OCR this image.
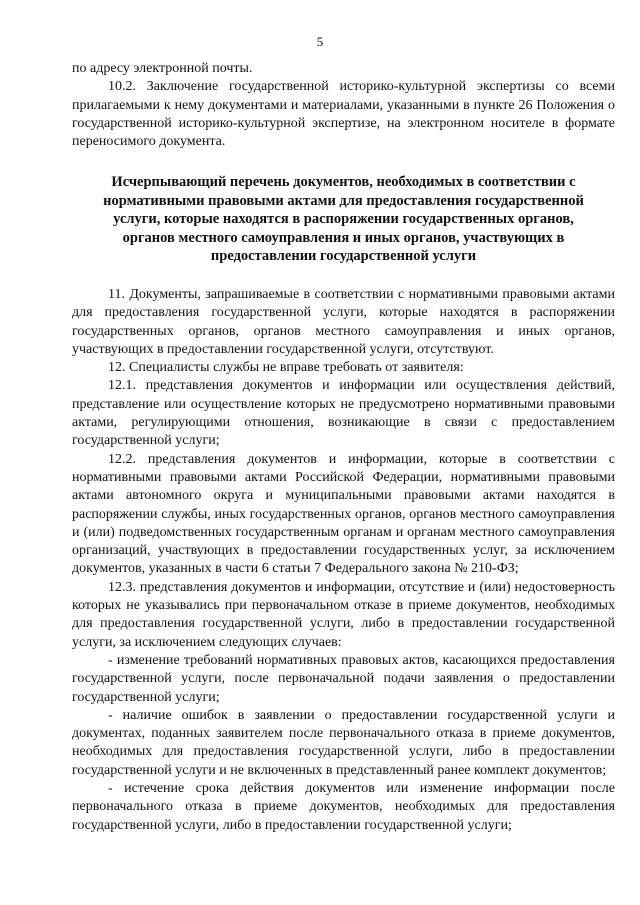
5

по адресу электронной почты.

10.2. Заключение государственной историко-культурной экспертизы со всеми прилагаемыми к нему документами и материалами, указанными в пункте 26 Положения о государственной историко-культурной экспертизе, на электронном носителе в формате переносимого документа.

Исчерпывающий перечень документов, необходимых в соответствии с нормативными правовыми актами для предоставления государственной услуги, которые находятся в распоряжении государственных органов, органов местного самоуправления и иных органов, участвующих в предоставлении государственной услуги

11. Документы, запрашиваемые в соответствии с нормативными правовыми актами для предоставления государственной услуги, которые находятся в распоряжении государственных органов, органов местного самоуправления и иных органов, участвующих в предоставлении государственной услуги, отсутствуют.

12. Специалисты службы не вправе требовать от заявителя:

12.1. представления документов и информации или осуществления действий, представление или осуществление которых не предусмотрено нормативными правовыми актами, регулирующими отношения, возникающие в связи с предоставлением государственной услуги;

12.2. представления документов и информации, которые в соответствии с нормативными правовыми актами Российской Федерации, нормативными правовыми актами автономного округа и муниципальными правовыми актами находятся в распоряжении службы, иных государственных органов, органов местного самоуправления и (или) подведомственных государственным органам и органам местного самоуправления организаций, участвующих в предоставлении государственных услуг, за исключением документов, указанных в части 6 статьи 7 Федерального закона № 210-ФЗ;

12.3. представления документов и информации, отсутствие и (или) недостоверность которых не указывались при первоначальном отказе в приеме документов, необходимых для предоставления государственной услуги, либо в предоставлении государственной услуги, за исключением следующих случаев:

- изменение требований нормативных правовых актов, касающихся предоставления государственной услуги, после первоначальной подачи заявления о предоставлении государственной услуги;

- наличие ошибок в заявлении о предоставлении государственной услуги и документах, поданных заявителем после первоначального отказа в приеме документов, необходимых для предоставления государственной услуги, либо в предоставлении государственной услуги и не включенных в представленный ранее комплект документов;

- истечение срока действия документов или изменение информации после первоначального отказа в приеме документов, необходимых для предоставления государственной услуги, либо в предоставлении государственной услуги;
